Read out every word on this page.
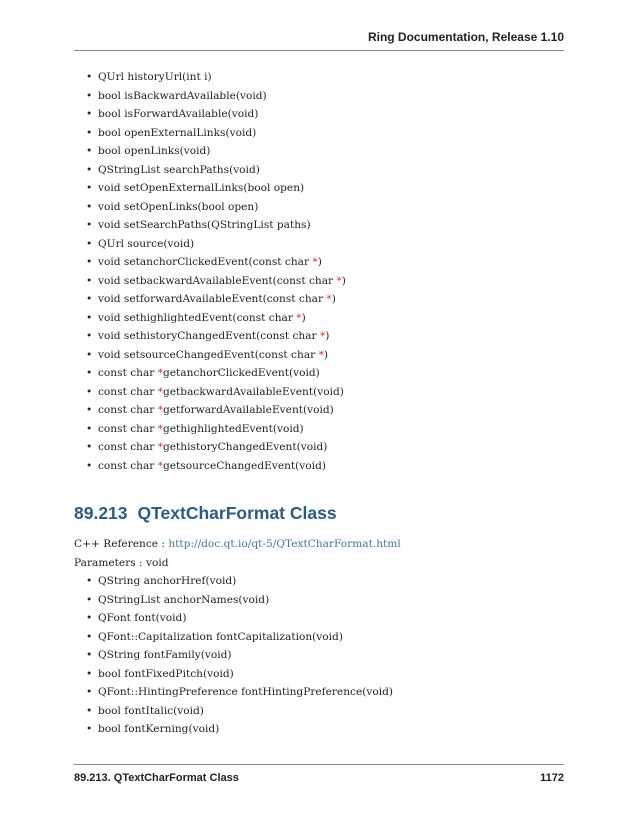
Ring Documentation, Release 1.10
• QUrl historyUrl(int i)
• bool isBackwardAvailable(void)
• bool isForwardAvailable(void)
• bool openExternalLinks(void)
• bool openLinks(void)
• QStringList searchPaths(void)
• void setOpenExternalLinks(bool open)
• void setOpenLinks(bool open)
• void setSearchPaths(QStringList paths)
• QUrl source(void)
• void setanchorClickedEvent(const char *)
• void setbackwardAvailableEvent(const char *)
• void setforwardAvailableEvent(const char *)
• void sethighlightedEvent(const char *)
• void sethistoryChangedEvent(const char *)
• void setsourceChangedEvent(const char *)
• const char *getanchorClickedEvent(void)
• const char *getbackwardAvailableEvent(void)
• const char *getforwardAvailableEvent(void)
• const char *gethighlightedEvent(void)
• const char *gethistoryChangedEvent(void)
• const char *getsourceChangedEvent(void)
89.213 QTextCharFormat Class
C++ Reference : http://doc.qt.io/qt-5/QTextCharFormat.html
Parameters : void
• QString anchorHref(void)
• QStringList anchorNames(void)
• QFont font(void)
• QFont::Capitalization fontCapitalization(void)
• QString fontFamily(void)
• bool fontFixedPitch(void)
• QFont::HintingPreference fontHintingPreference(void)
• bool fontItalic(void)
• bool fontKerning(void)
89.213. QTextCharFormat Class	1172
